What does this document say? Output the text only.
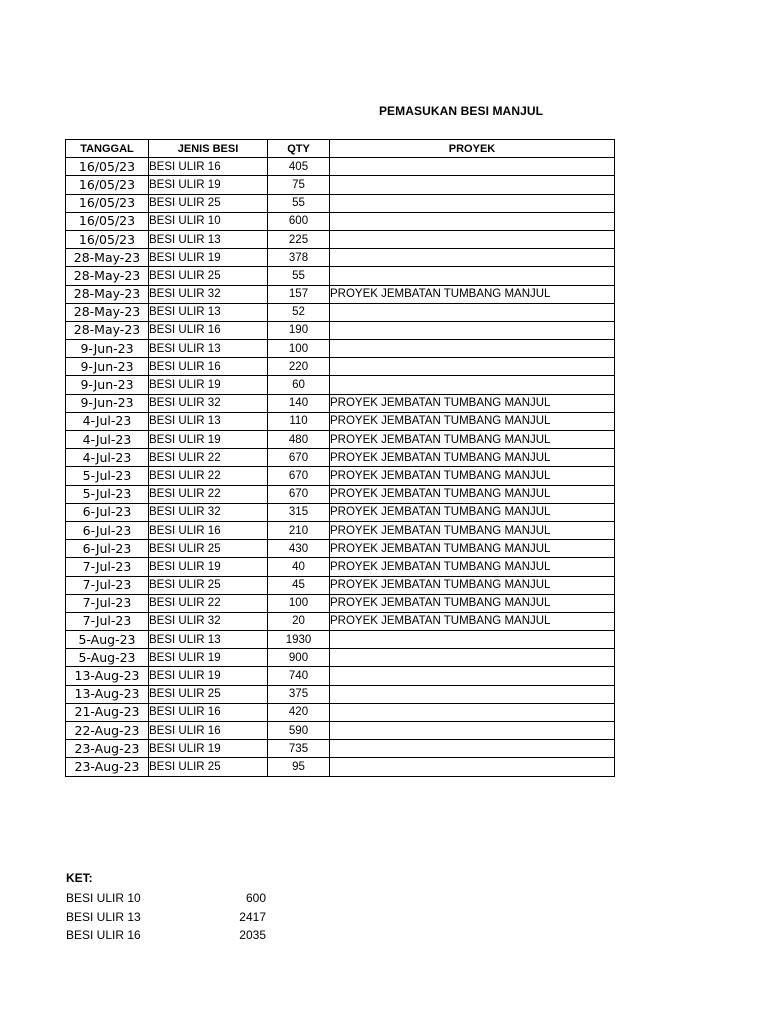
PEMASUKAN BESI MANJUL
TANGGAL	JENIS BESI	QTY	PROYEK
16/05/23	BESI ULIR 16	405	
16/05/23	BESI ULIR 19	75	
16/05/23	BESI ULIR 25	55	
16/05/23	BESI ULIR 10	600	
16/05/23	BESI ULIR 13	225	
28-May-23	BESI ULIR 19	378	
28-May-23	BESI ULIR 25	55	
28-May-23	BESI ULIR 32	157	PROYEK JEMBATAN TUMBANG MANJUL
28-May-23	BESI ULIR 13	52	
28-May-23	BESI ULIR 16	190	
9-Jun-23	BESI ULIR 13	100	
9-Jun-23	BESI ULIR 16	220	
9-Jun-23	BESI ULIR 19	60	
9-Jun-23	BESI ULIR 32	140	PROYEK JEMBATAN TUMBANG MANJUL
4-Jul-23	BESI ULIR 13	110	PROYEK JEMBATAN TUMBANG MANJUL
4-Jul-23	BESI ULIR 19	480	PROYEK JEMBATAN TUMBANG MANJUL
4-Jul-23	BESI ULIR 22	670	PROYEK JEMBATAN TUMBANG MANJUL
5-Jul-23	BESI ULIR 22	670	PROYEK JEMBATAN TUMBANG MANJUL
5-Jul-23	BESI ULIR 22	670	PROYEK JEMBATAN TUMBANG MANJUL
6-Jul-23	BESI ULIR 32	315	PROYEK JEMBATAN TUMBANG MANJUL
6-Jul-23	BESI ULIR 16	210	PROYEK JEMBATAN TUMBANG MANJUL
6-Jul-23	BESI ULIR 25	430	PROYEK JEMBATAN TUMBANG MANJUL
7-Jul-23	BESI ULIR 19	40	PROYEK JEMBATAN TUMBANG MANJUL
7-Jul-23	BESI ULIR 25	45	PROYEK JEMBATAN TUMBANG MANJUL
7-Jul-23	BESI ULIR 22	100	PROYEK JEMBATAN TUMBANG MANJUL
7-Jul-23	BESI ULIR 32	20	PROYEK JEMBATAN TUMBANG MANJUL
5-Aug-23	BESI ULIR 13	1930	
5-Aug-23	BESI ULIR 19	900	
13-Aug-23	BESI ULIR 19	740	
13-Aug-23	BESI ULIR 25	375	
21-Aug-23	BESI ULIR 16	420	
22-Aug-23	BESI ULIR 16	590	
23-Aug-23	BESI ULIR 19	735	
23-Aug-23	BESI ULIR 25	95	
KET:
BESI ULIR 10	600
BESI ULIR 13	2417
BESI ULIR 16	2035
